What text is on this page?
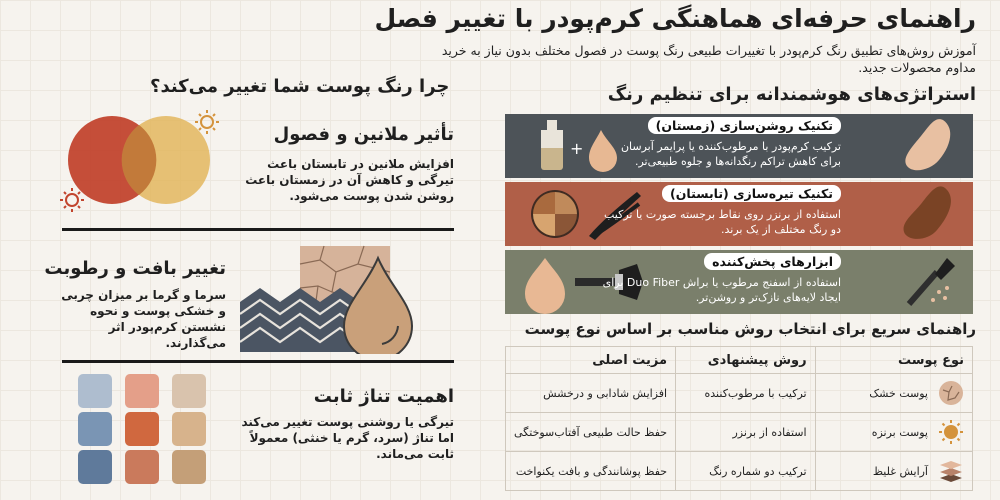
راهنمای حرفه‌ای هماهنگی کرم‌پودر با تغییر فصل
آموزش روش‌های تطبیق رنگ کرم‌پودر با تغییرات طبیعی رنگ پوست در فصول مختلف بدون نیاز به خرید مداوم محصولات جدید.
استراتژی‌های هوشمندانه برای تنظیم رنگ
چرا رنگ پوست شما تغییر می‌کند؟
تأثیر ملانین و فصول
افزایش ملانین در تابستان باعث تیرگی و کاهش آن در زمستان باعث روشن شدن پوست می‌شود.
تغییر بافت و رطوبت
سرما و گرما بر میزان چربی و خشکی پوست و نحوه نشستن کرم‌پودر اثر می‌گذارند.
اهمیت تناژ ثابت
تیرگی یا روشنی پوست تغییر می‌کند اما تناژ (سرد، گرم یا خنثی) معمولاً ثابت می‌ماند.
+
تکنیک روشن‌سازی (زمستان)
ترکیب کرم‌پودر با مرطوب‌کننده یا پرایمر آبرسان برای کاهش تراکم رنگدانه‌ها و جلوه طبیعی‌تر.
تکنیک تیره‌سازی (تابستان)
استفاده از برنزر روی نقاط برجسته صورت یا ترکیب دو رنگ مختلف از یک برند.
ابزارهای پخش‌کننده
استفاده از اسفنج مرطوب یا براش Duo Fiber برای ایجاد لایه‌های نازک‌تر و روشن‌تر.
راهنمای سریع برای انتخاب روش مناسب بر اساس نوع پوست
نوع پوست	روش پیشنهادی	مزیت اصلی

پوست خشک	ترکیب با مرطوب‌کننده	افزایش شادابی و درخشش

پوست برنزه	استفاده از برنزر	حفظ حالت طبیعی آفتاب‌سوختگی

آرایش غلیظ	ترکیب دو شماره رنگ	حفظ پوشانندگی و بافت یکنواخت
